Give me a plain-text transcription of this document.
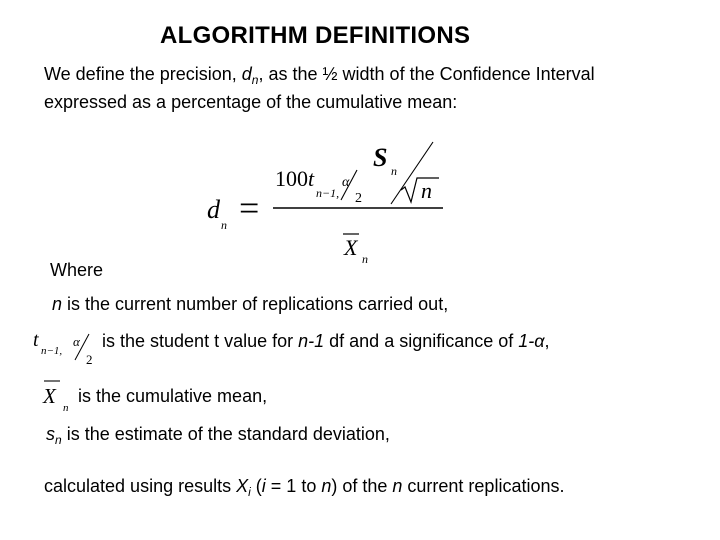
ALGORITHM DEFINITIONS
We define the precision, $d_n$, as the ½ width of the Confidence Interval
expressed as a percentage of the cumulative mean:
d
n =
100 t
n−1,
α
2
S n
n
X n
Where
n is the current number of replications carried out,
t n−1,
α
2
is the student t value for n-1 df and a significance of 1-α,
X n
is the cumulative mean,
$s_n$ is the estimate of the standard deviation,
calculated using results $X_i$ (i = 1 to n) of the n current replications.
